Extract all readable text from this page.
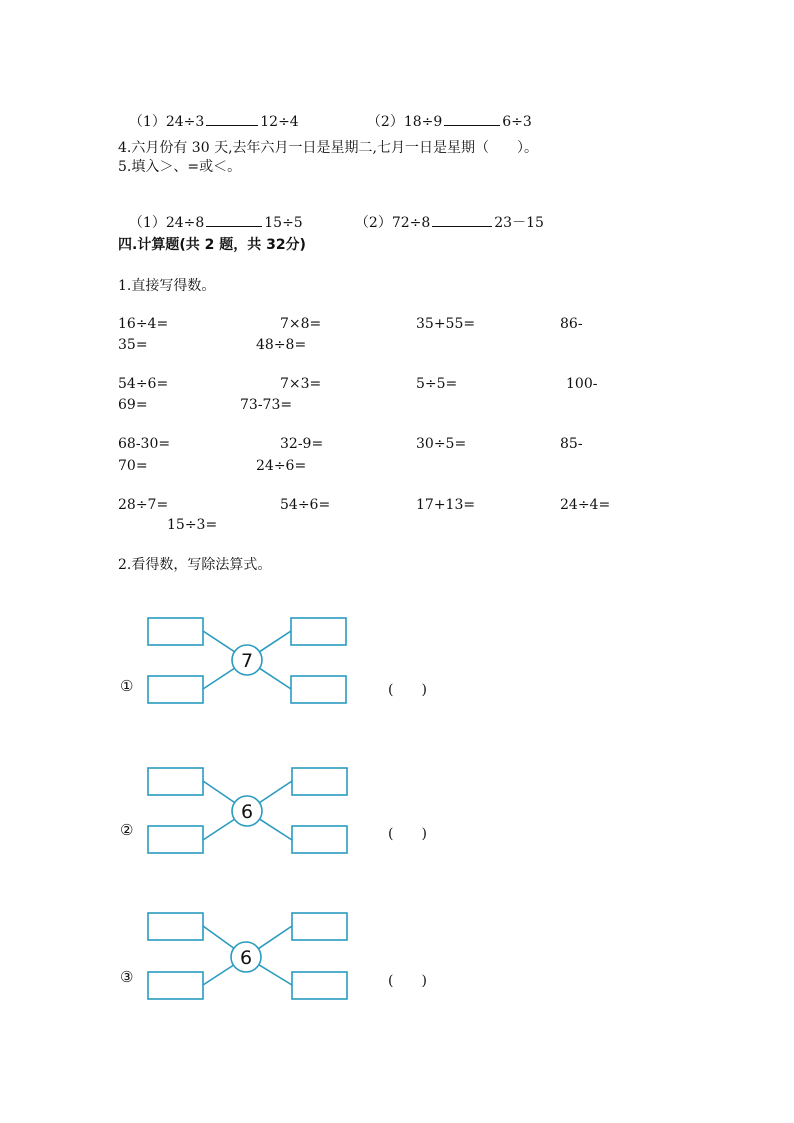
（1）24÷3	12÷4	（2）18÷9	6÷3

4.六月份有 30 天,去年六月一日是星期二,七月一日是星期（　　）。
5.填入＞、=或＜。

（1）24÷8	15÷5	（2）72÷8	23－15

四.计算题(共 2 题，共 32分)
1.直接写得数。
16÷4=	7×8=	35+55=	86-
35=	48÷8=
54÷6=	7×3=	5÷5=	100-
69=	73-73=
68-30=	32-9=	30÷5=	85-
70=	24÷6=
28÷7=	54÷6=	17+13=	24÷4=
15÷3=
2.看得数，写除法算式。
①
7
(　　)
②
6
(　　)
③
6
(　　)
